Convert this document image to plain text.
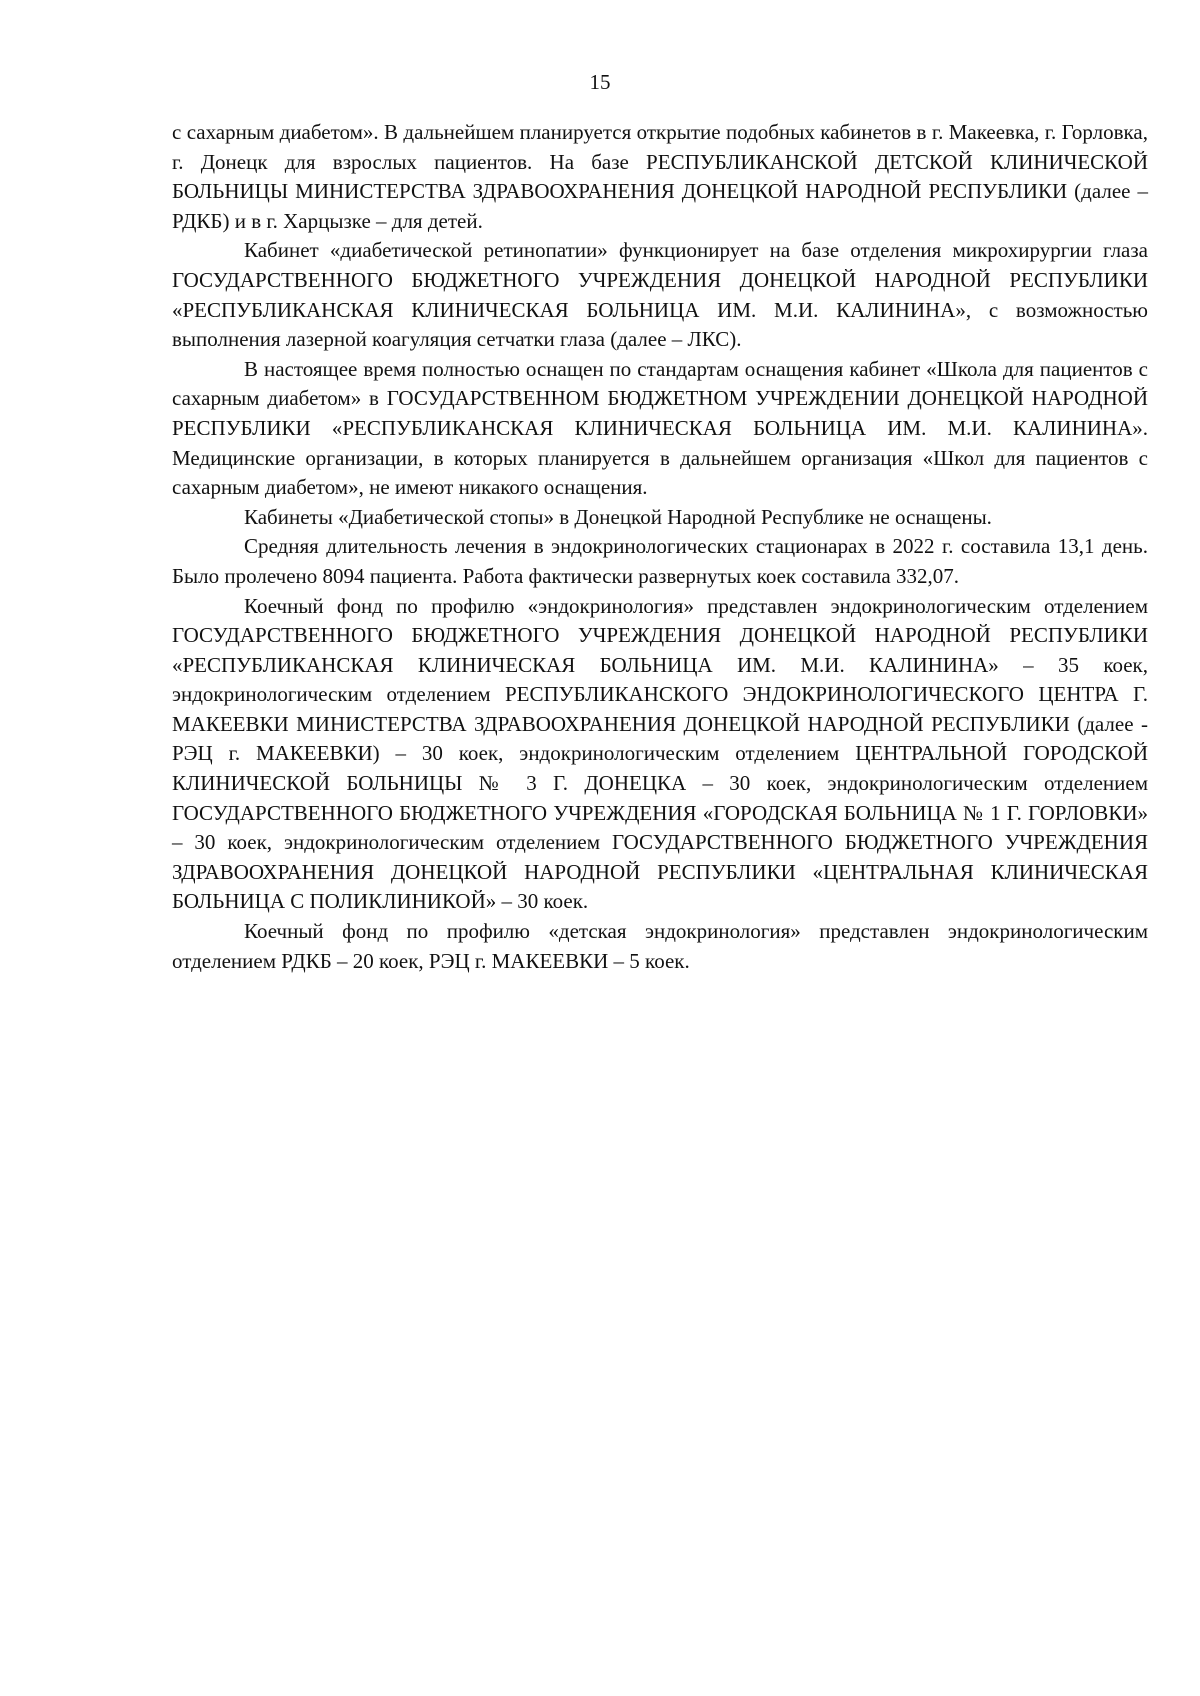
15

с сахарным диабетом». В дальнейшем планируется открытие подобных кабинетов в г. Макеевка, г. Горловка, г. Донецк для взрослых пациентов. На базе РЕСПУБЛИКАНСКОЙ ДЕТСКОЙ КЛИНИЧЕСКОЙ БОЛЬНИЦЫ МИНИСТЕРСТВА ЗДРАВООХРАНЕНИЯ ДОНЕЦКОЙ НАРОДНОЙ РЕСПУБЛИКИ (далее – РДКБ) и в г. Харцызке – для детей.

Кабинет «диабетической ретинопатии» функционирует на базе отделения микрохирургии глаза ГОСУДАРСТВЕННОГО БЮДЖЕТНОГО УЧРЕЖДЕНИЯ ДОНЕЦКОЙ НАРОДНОЙ РЕСПУБЛИКИ «РЕСПУБЛИКАНСКАЯ КЛИНИЧЕСКАЯ БОЛЬНИЦА ИМ. М.И. КАЛИНИНА», с возможностью выполнения лазерной коагуляция сетчатки глаза (далее – ЛКС).

В настоящее время полностью оснащен по стандартам оснащения кабинет «Школа для пациентов с сахарным диабетом» в ГОСУДАРСТВЕННОМ БЮДЖЕТНОМ УЧРЕЖДЕНИИ ДОНЕЦКОЙ НАРОДНОЙ РЕСПУБЛИКИ «РЕСПУБЛИКАНСКАЯ КЛИНИЧЕСКАЯ БОЛЬНИЦА ИМ. М.И. КАЛИНИНА». Медицинские организации, в которых планируется в дальнейшем организация «Школ для пациентов с сахарным диабетом», не имеют никакого оснащения.

Кабинеты «Диабетической стопы» в Донецкой Народной Республике не оснащены.

Средняя длительность лечения в эндокринологических стационарах в 2022 г. составила 13,1 день. Было пролечено 8094 пациента. Работа фактически развернутых коек составила 332,07.

Коечный фонд по профилю «эндокринология» представлен эндокринологическим отделением ГОСУДАРСТВЕННОГО БЮДЖЕТНОГО УЧРЕЖДЕНИЯ ДОНЕЦКОЙ НАРОДНОЙ РЕСПУБЛИКИ «РЕСПУБЛИКАНСКАЯ КЛИНИЧЕСКАЯ БОЛЬНИЦА ИМ. М.И. КАЛИНИНА» – 35 коек, эндокринологическим отделением РЕСПУБЛИКАНСКОГО ЭНДОКРИНОЛОГИЧЕСКОГО ЦЕНТРА Г. МАКЕЕВКИ МИНИСТЕРСТВА ЗДРАВООХРАНЕНИЯ ДОНЕЦКОЙ НАРОДНОЙ РЕСПУБЛИКИ (далее - РЭЦ г. МАКЕЕВКИ) – 30 коек, эндокринологическим отделением ЦЕНТРАЛЬНОЙ ГОРОДСКОЙ КЛИНИЧЕСКОЙ БОЛЬНИЦЫ № 3 Г. ДОНЕЦКА – 30 коек, эндокринологическим отделением ГОСУДАРСТВЕННОГО БЮДЖЕТНОГО УЧРЕЖДЕНИЯ «ГОРОДСКАЯ БОЛЬНИЦА № 1 Г. ГОРЛОВКИ» – 30 коек, эндокринологическим отделением ГОСУДАРСТВЕННОГО БЮДЖЕТНОГО УЧРЕЖДЕНИЯ ЗДРАВООХРАНЕНИЯ ДОНЕЦКОЙ НАРОДНОЙ РЕСПУБЛИКИ «ЦЕНТРАЛЬНАЯ КЛИНИЧЕСКАЯ БОЛЬНИЦА С ПОЛИКЛИНИКОЙ» – 30 коек.

Коечный фонд по профилю «детская эндокринология» представлен эндокринологическим отделением РДКБ – 20 коек, РЭЦ г. МАКЕЕВКИ – 5 коек.
